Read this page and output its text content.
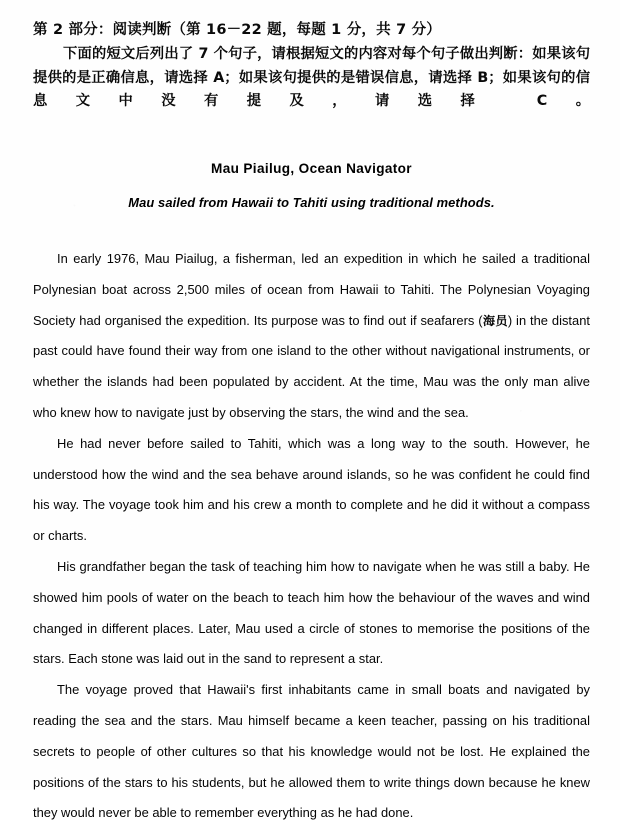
第 2 部分：阅读判断（第 16－22 题，每题 1 分，共 7 分）
下面的短文后列出了 7 个句子，请根据短文的内容对每个句子做出判断：如果该句提供的是正确信息，请选择 A；如果该句提供的是错误信息，请选择 B；如果该句的信息文中没有提及，请选择 C。
Mau Piailug, Ocean Navigator
Mau sailed from Hawaii to Tahiti using traditional methods.

In early 1976, Mau Piailug, a fisherman, led an expedition in which he sailed a traditional Polynesian boat across 2,500 miles of ocean from Hawaii to Tahiti. The Polynesian Voyaging Society had organised the expedition. Its purpose was to find out if seafarers (海员) in the distant past could have found their way from one island to the other without navigational instruments, or whether the islands had been populated by accident. At the time, Mau was the only man alive who knew how to navigate just by observing the stars, the wind and the sea.

He had never before sailed to Tahiti, which was a long way to the south. However, he understood how the wind and the sea behave around islands, so he was confident he could find his way. The voyage took him and his crew a month to complete and he did it without a compass or charts.

His grandfather began the task of teaching him how to navigate when he was still a baby. He showed him pools of water on the beach to teach him how the behaviour of the waves and wind changed in different places. Later, Mau used a circle of stones to memorise the positions of the stars. Each stone was laid out in the sand to represent a star.

The voyage proved that Hawaii's first inhabitants came in small boats and navigated by reading the sea and the stars. Mau himself became a keen teacher, passing on his traditional secrets to people of other cultures so that his knowledge would not be lost. He explained the positions of the stars to his students, but he allowed them to write things down because he knew they would never be able to remember everything as he had done.
